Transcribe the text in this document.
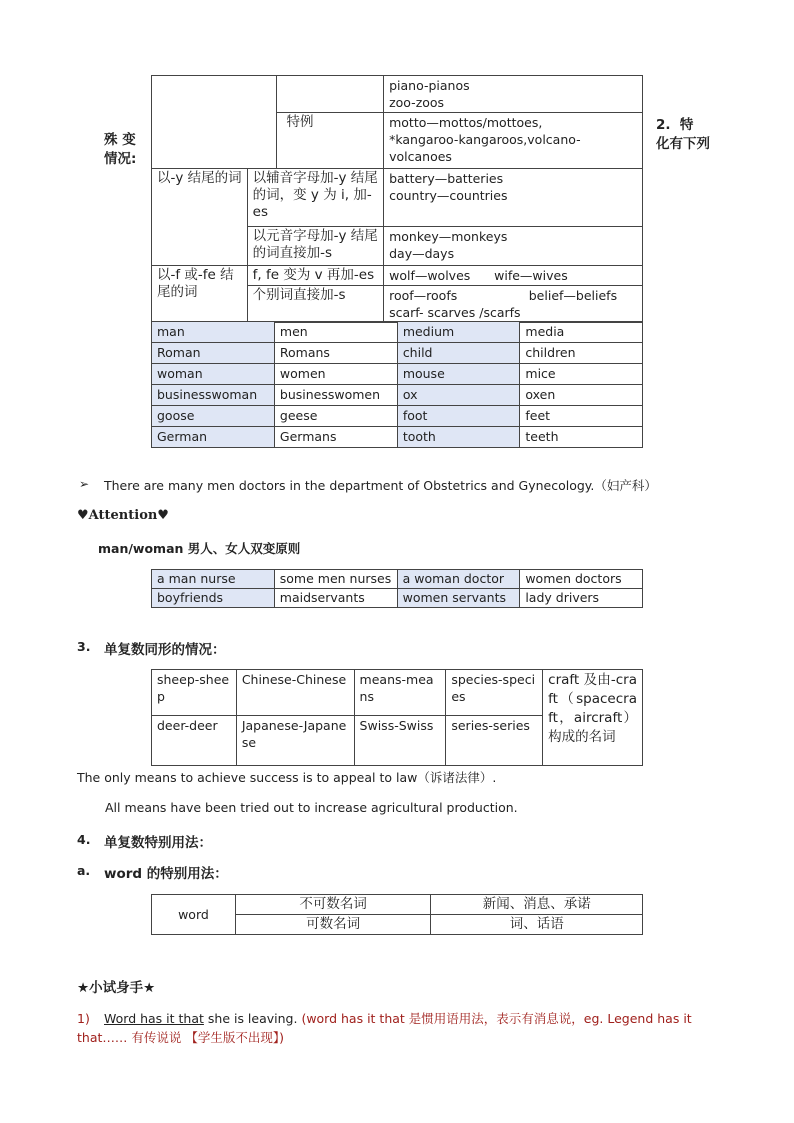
			piano-pianos
zoo-zoos
		特例	motto—mottos/mottoes,
*kangaroo-kangaroos,volcano-
volcanoes
以-y 结尾的词	以辅音字母加-y 结尾的词，变 y 为 i, 加-es		battery—batteries
country—countries
	以元音字母加-y 结尾的词直接加-s		monkey—monkeys
day—days
以-f 或-fe 结尾的词	f, fe 变为 v 再加-es		wolf—wolves      wife—wives
	个别词直接加-s		roof—roofs                  belief—beliefs
scarf- scarves /scarfs
殊 变
情况:
2.  特
化有下列
man	men	medium	media
Roman	Romans	child	children
woman	women	mouse	mice
businesswoman	businesswomen	ox	oxen
goose	geese	foot	feet
German	Germans	tooth	teeth
➢ There are many men doctors in the department of Obstetrics and Gynecology.（妇产科）
♥Attention♥
man/woman 男人、女人双变原则
a man nurse	some men nurses	a woman doctor	women doctors
boyfriends	maidservants	women servants	lady drivers
3. 单复数同形的情况：
sheep-sheep	Chinese-Chinese	means-means	species-species	craft 及由-craft（spacecraft，aircraft）构成的名词
deer-deer	Japanese-Japanese	Swiss-Swiss	series-series	
The only means to achieve success is to appeal to law（诉诸法律）.
All means have been tried out to increase agricultural production.
4. 单复数特别用法：
a. word 的特别用法：
word	不可数名词	新闻、消息、承诺
	可数名词	词、话语
★小试身手★
1) Word has it that she is leaving. (word has it that 是惯用语用法，表示有消息说，eg. Legend has it that…… 有传说说 【学生版不出现】)
